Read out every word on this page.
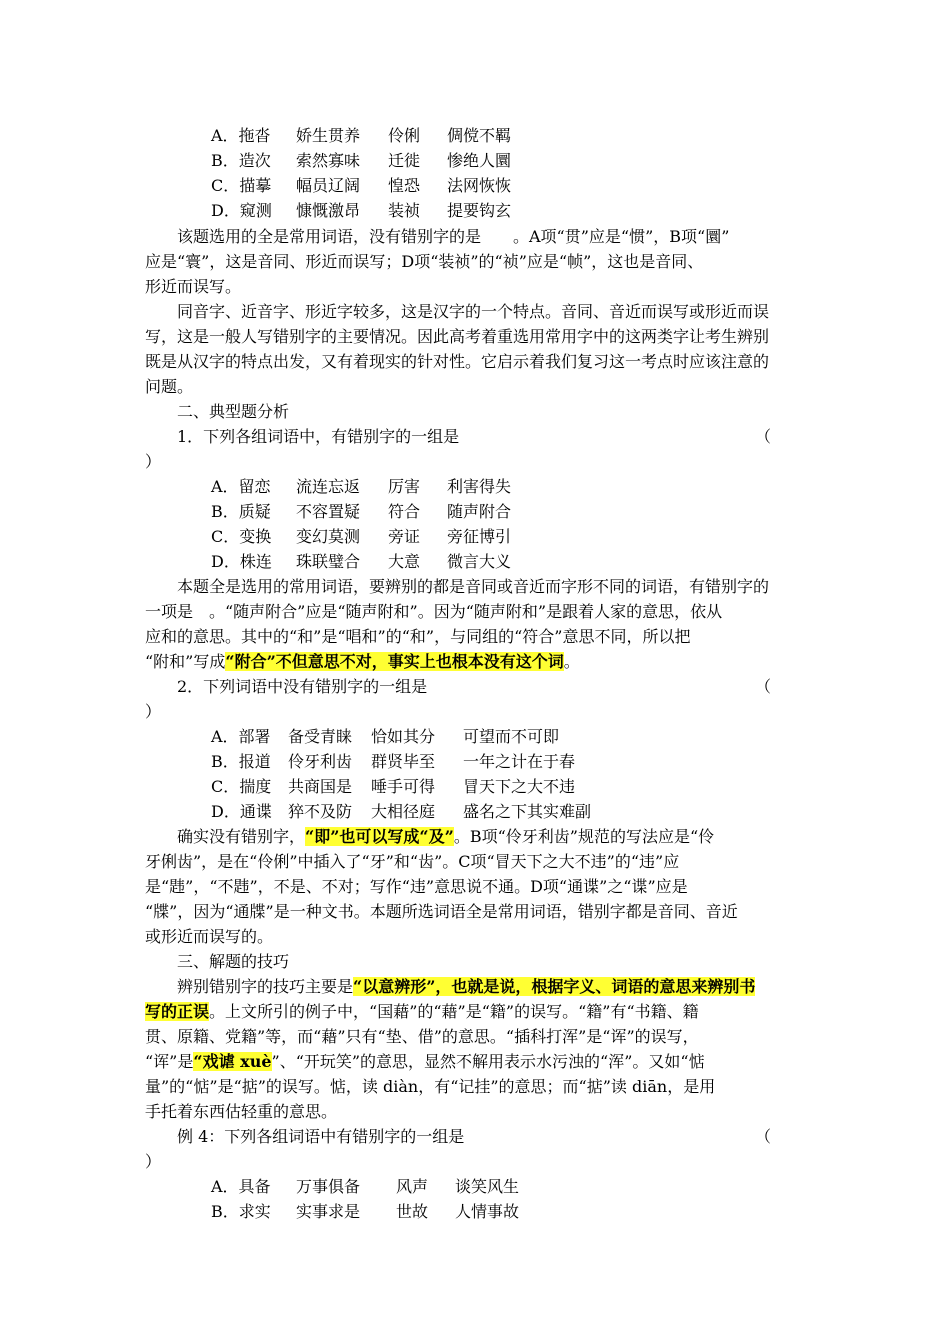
A．拖沓 娇生贯养 伶俐 倜傥不羁
B．造次 索然寡味 迁徙 惨绝人圜
C．描摹 幅员辽阔 惶恐 法网恢恢
D．窥测 慷慨激昂 装祯 提要钩玄
该题选用的全是常用词语，没有错别字的是　　。A项“贯”应是“惯”，B项“圜”
应是“寰”，这是音同、形近而误写；D项“装祯”的“祯”应是“帧”，这也是音同、
形近而误写。
同音字、近音字、形近字较多，这是汉字的一个特点。音同、音近而误写或形近而误
写，这是一般人写错别字的主要情况。因此高考着重选用常用字中的这两类字让考生辨别
既是从汉字的特点出发，又有着现实的针对性。它启示着我们复习这一考点时应该注意的
问题。
二、典型题分析
1．下列各组词语中，有错别字的一组是	（
）
A．留恋 流连忘返 厉害 利害得失
B．质疑 不容置疑 符合 随声附合
C．变换 变幻莫测 旁证 旁征博引
D．株连 珠联璧合 大意 微言大义
本题全是选用的常用词语，要辨别的都是音同或音近而字形不同的词语，有错别字的
一项是　。“随声附合”应是“随声附和”。因为“随声附和”是跟着人家的意思，依从
应和的意思。其中的“和”是“唱和”的“和”，与同组的“符合”意思不同，所以把
“附和”写成“附合”不但意思不对，事实上也根本没有这个词。
2．下列词语中没有错别字的一组是	（
）
A．部署 备受青睐 恰如其分 可望而不可即
B．报道 伶牙利齿 群贤毕至 一年之计在于春
C．揣度 共商国是 唾手可得 冒天下之大不违
D．通谍 猝不及防 大相径庭 盛名之下其实难副
确实没有错别字，“即”也可以写成“及”。B项“伶牙利齿”规范的写法应是“伶
牙俐齿”，是在“伶俐”中插入了“牙”和“齿”。C项“冒天下之大不违”的“违”应
是“韪”，“不韪”，不是、不对；写作“违”意思说不通。D项“通谍”之“谍”应是
“牒”，因为“通牒”是一种文书。本题所选词语全是常用词语，错别字都是音同、音近
或形近而误写的。
三、解题的技巧
辨别错别字的技巧主要是“以意辨形”，也就是说，根据字义、词语的意思来辨别书
写的正误。上文所引的例子中，“国藉”的“藉”是“籍”的误写。“籍”有“书籍、籍
贯、原籍、党籍”等，而“藉”只有“垫、借”的意思。“插科打浑”是“诨”的误写，
“诨”是“戏谑 xuè”、“开玩笑”的意思，显然不解用表示水污浊的“浑”。又如“惦
量”的“惦”是“掂”的误写。惦，读 diàn，有“记挂”的意思；而“掂”读 diān，是用
手托着东西估轻重的意思。
例 4：下列各组词语中有错别字的一组是	（
）
A．具备 万事俱备 风声 谈笑风生
B．求实 实事求是 世故 人情事故
